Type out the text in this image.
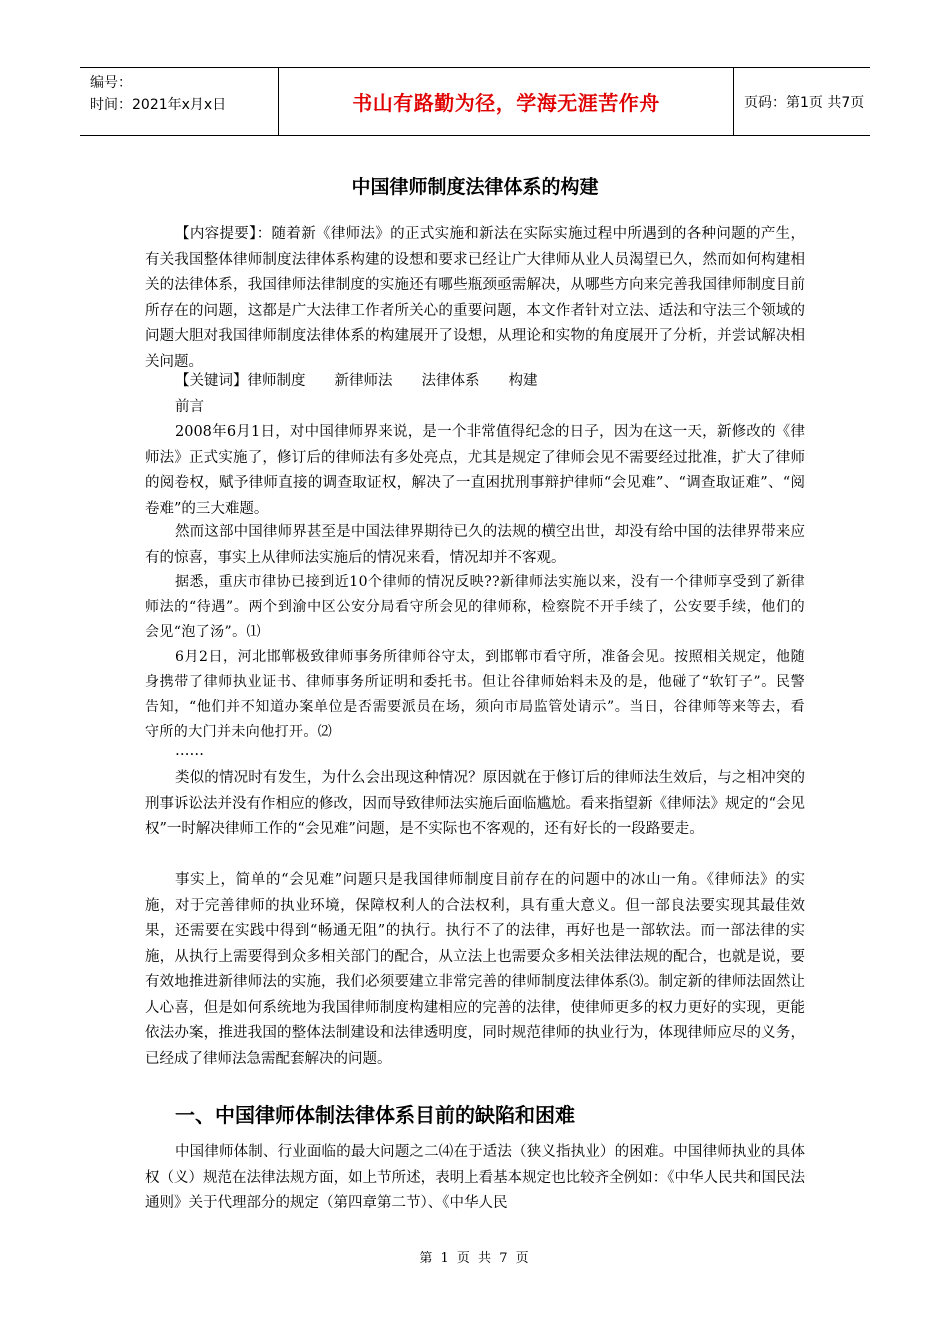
编号：
时间：2021年x月x日	书山有路勤为径，学海无涯苦作舟	页码：第1页 共7页
中国律师制度法律体系的构建

【内容提要】：随着新《律师法》的正式实施和新法在实际实施过程中所遇到的各种问题的产生，有关我国整体律师制度法律体系构建的设想和要求已经让广大律师从业人员渴望已久，然而如何构建相关的法律体系，我国律师法律制度的实施还有哪些瓶颈亟需解决，从哪些方向来完善我国律师制度目前所存在的问题，这都是广大法律工作者所关心的重要问题，本文作者针对立法、适法和守法三个领域的问题大胆对我国律师制度法律体系的构建展开了设想，从理论和实物的角度展开了分析，并尝试解决相关问题。

【关键词】律师制度　　新律师法　　法律体系　　构建

前言

2008年6月1日，对中国律师界来说，是一个非常值得纪念的日子，因为在这一天，新修改的《律师法》正式实施了，修订后的律师法有多处亮点，尤其是规定了律师会见不需要经过批准，扩大了律师的阅卷权，赋予律师直接的调查取证权，解决了一直困扰刑事辩护律师“会见难”、“调查取证难”、“阅卷难”的三大难题。

然而这部中国律师界甚至是中国法律界期待已久的法规的横空出世，却没有给中国的法律界带来应有的惊喜，事实上从律师法实施后的情况来看，情况却并不客观。

据悉，重庆市律协已接到近10个律师的情况反映??新律师法实施以来，没有一个律师享受到了新律师法的“待遇”。两个到渝中区公安分局看守所会见的律师称，检察院不开手续了，公安要手续，他们的会见“泡了汤”。⑴

6月2日，河北邯郸极致律师事务所律师谷守太，到邯郸市看守所，准备会见。按照相关规定，他随身携带了律师执业证书、律师事务所证明和委托书。但让谷律师始料未及的是，他碰了“软钉子”。民警告知，“他们并不知道办案单位是否需要派员在场，须向市局监管处请示”。当日，谷律师等来等去，看守所的大门并未向他打开。⑵

……

类似的情况时有发生，为什么会出现这种情况？原因就在于修订后的律师法生效后，与之相冲突的刑事诉讼法并没有作相应的修改，因而导致律师法实施后面临尴尬。看来指望新《律师法》规定的“会见权”一时解决律师工作的“会见难”问题，是不实际也不客观的，还有好长的一段路要走。

事实上，简单的“会见难”问题只是我国律师制度目前存在的问题中的冰山一角。《律师法》的实施，对于完善律师的执业环境，保障权利人的合法权利，具有重大意义。但一部良法要实现其最佳效果，还需要在实践中得到“畅通无阻”的执行。执行不了的法律，再好也是一部软法。而一部法律的实施，从执行上需要得到众多相关部门的配合，从立法上也需要众多相关法律法规的配合，也就是说，要有效地推进新律师法的实施，我们必须要建立非常完善的律师制度法律体系⑶。制定新的律师法固然让人心喜，但是如何系统地为我国律师制度构建相应的完善的法律，使律师更多的权力更好的实现，更能依法办案，推进我国的整体法制建设和法律透明度，同时规范律师的执业行为，体现律师应尽的义务，已经成了律师法急需配套解决的问题。

一、中国律师体制法律体系目前的缺陷和困难

中国律师体制、行业面临的最大问题之二⑷在于适法（狭义指执业）的困难。中国律师执业的具体权（义）规范在法律法规方面，如上节所述，表明上看基本规定也比较齐全例如：《中华人民共和国民法通则》关于代理部分的规定（第四章第二节）、《中华人民

第 1 页 共 7 页
